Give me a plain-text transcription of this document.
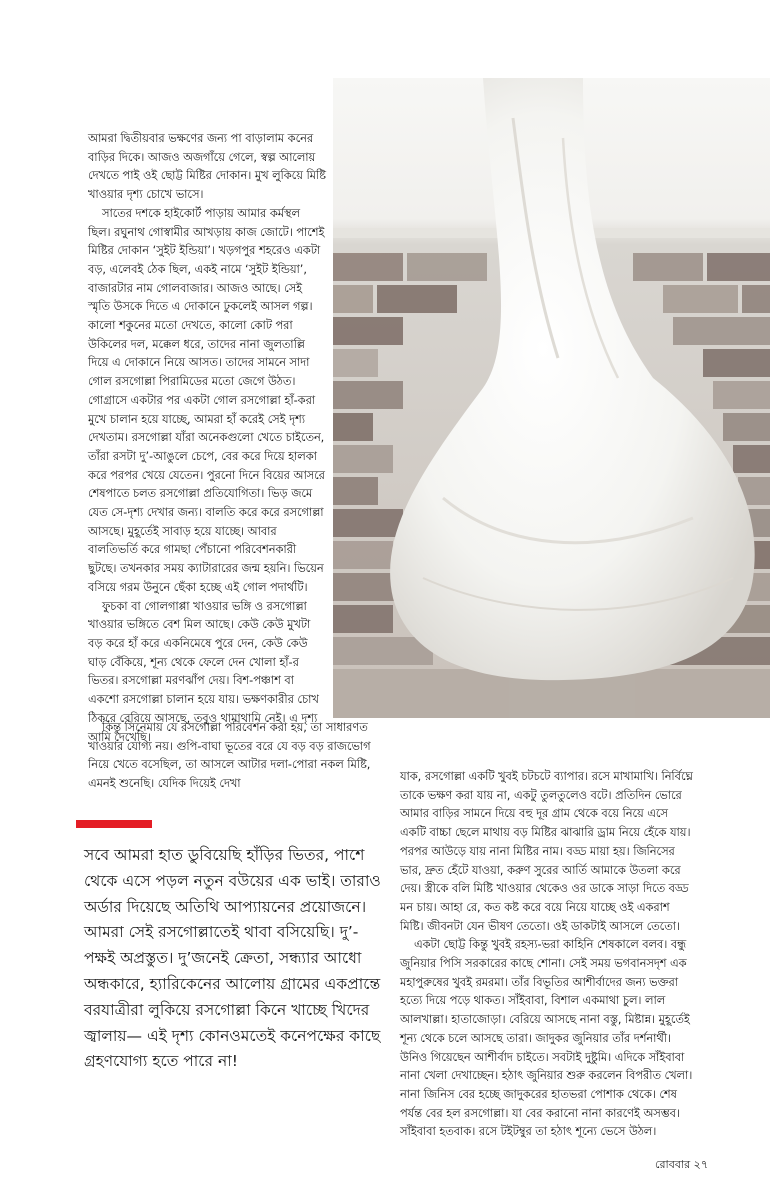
আমরা দ্বিতীয়বার ভক্ষণের জন্য পা বাড়ালাম কনের বাড়ির দিকে। আজও অজগাঁয়ে গেলে, স্বল্প আলোয় দেখতে পাই ওই ছোট্ট মিষ্টির দোকান। মুখ লুকিয়ে মিষ্টি খাওয়ার দৃশ্য চোখে ভাসে।

সাতের দশকে হাইকোর্ট পাড়ায় আমার কর্মস্থল ছিল। রঘুনাথ গোস্বামীর আখড়ায় কাজ জোটে। পাশেই মিষ্টির দোকান ‘সুইট ইন্ডিয়া’। খড়গপুর শহরেও একটা বড়, এলেবই ঠেক ছিল, একই নামে ‘সুইট ইন্ডিয়া’, বাজারটার নাম গোলবাজার। আজও আছে। সেই স্মৃতি উসকে দিতে এ দোকানে ঢুকলেই আসল গল্প। কালো শকুনের মতো দেখতে, কালো কোট পরা উকিলের দল, মক্কেল ধরে, তাদের নানা জুলতাল্লি দিয়ে এ দোকানে নিয়ে আসত। তাদের সামনে সাদা গোল রসগোল্লা পিরামিডের মতো জেগে উঠত। গোগ্রাসে একটার পর একটা গোল রসগোল্লা হাঁ-করা মুখে চালান হয়ে যাচ্ছে, আমরা হাঁ করেই সেই দৃশ্য দেখতাম। রসগোল্লা যাঁরা অনেকগুলো খেতে চাইতেন, তাঁরা রসটা দু’-আঙুলে চেপে, বের করে দিয়ে হালকা করে পরপর খেয়ে যেতেন। পুরনো দিনে বিয়ের আসরে শেষপাতে চলত রসগোল্লা প্রতিযোগিতা। ভিড় জমে যেত সে-দৃশ্য দেখার জন্য। বালতি করে করে রসগোল্লা আসছে। মুহূর্তেই সাবাড় হয়ে যাচ্ছে। আবার বালতিভর্তি করে গামছা পেঁচানো পরিবেশনকারী ছুটছে। তখনকার সময় ক্যাটারারের জন্ম হয়নি। ভিয়েন বসিয়ে গরম উনুনে ছেঁকা হচ্ছে এই গোল পদার্থটি।

ফুচকা বা গোলগাপ্পা খাওয়ার ভঙ্গি ও রসগোল্লা খাওয়ার ভঙ্গিতে বেশ মিল আছে। কেউ কেউ মুখটা বড় করে হাঁ করে একনিমেষে পুরে দেন, কেউ কেউ ঘাড় বেঁকিয়ে, শূন্য থেকে ফেলে দেন খোলা হাঁ-র ভিতর। রসগোল্লা মরণঝাঁপ দেয়। বিশ-পঞ্চাশ বা একশো রসগোল্লা চালান হয়ে যায়। ভক্ষণকারীর চোখ ঠিকরে বেরিয়ে আসছে, তবুও থামাথামি নেই। এ দৃশ্য আমি দেখেছি।

কিন্তু সিনেমায় যে রসগোল্লা পরিবেশন করা হয়, তা সাধারণত খাওয়ার যোগ্য নয়। গুপি-বাঘা ভূতের বরে যে বড় বড় রাজভোগ নিয়ে খেতে বসেছিল, তা আসলে আটার দলা-পোরা নকল মিষ্টি, এমনই শুনেছি। যেদিক দিয়েই দেখা

সবে আমরা হাত ডুবিয়েছি হাঁড়ির ভিতর, পাশে থেকে এসে পড়ল নতুন বউয়ের এক ভাই। তারাও অর্ডার দিয়েছে অতিথি আপ্যায়নের প্রয়োজনে। আমরা সেই রসগোল্লাতেই থাবা বসিয়েছি। দু’-পক্ষই অপ্রস্তুত। দু’জনেই ক্রেতা, সন্ধ্যার আধো অন্ধকারে, হ্যারিকেনের আলোয় গ্রামের একপ্রান্তে বরযাত্রীরা লুকিয়ে রসগোল্লা কিনে খাচ্ছে খিদের জ্বালায়— এই দৃশ্য কোনওমতেই কনেপক্ষের কাছে গ্রহণযোগ্য হতে পারে না!

যাক, রসগোল্লা একটি খুবই চটচটে ব্যাপার। রসে মাখামাখি। নির্বিঘ্নে তাকে ভক্ষণ করা যায় না, একটু তুলতুলেও বটে। প্রতিদিন ভোরে আমার বাড়ির সামনে দিয়ে বহু দূর গ্রাম থেকে বয়ে নিয়ে এসে একটি বাচ্চা ছেলে মাথায় বড় মিষ্টির ঝাঝারি ড্রাম নিয়ে হেঁকে যায়। পরপর আউড়ে যায় নানা মিষ্টির নাম। বড্ড মায়া হয়। জিনিসের ভার, দ্রুত হেঁটে যাওয়া, করুণ সুরের আর্তি আমাকে উতলা করে দেয়। স্ত্রীকে বলি মিষ্টি খাওয়ার থেকেও ওর ডাকে সাড়া দিতে বড্ড মন চায়। আহা রে, কত কষ্ট করে বয়ে নিয়ে যাচ্ছে ওই একরাশ মিষ্টি। জীবনটা যেন ভীষণ তেতো। ওই ডাকটাই আসলে তেতো।

একটা ছোট্ট কিন্তু খুবই রহস্য-ভরা কাহিনি শেষকালে বলব। বন্ধু জুনিয়ার পিসি সরকারের কাছে শোনা। সেই সময় ভগবানসদৃশ এক মহাপুরুষের খুবই রমরমা। তাঁর বিভূতির আশীর্বাদের জন্য ভক্তরা হত্যে দিয়ে পড়ে থাকত। সাঁইবাবা, বিশাল একমাথা চুল। লাল আলখাল্লা। হাতাজোড়া। বেরিয়ে আসছে নানা বস্তু, মিষ্টান্ন। মুহূর্তেই শূন্য থেকে চলে আসছে তারা। জাদুকর জুনিয়ার তাঁর দর্শনার্থী। উনিও গিয়েছেন আশীর্বাদ চাইতে। সবটাই দুষ্টুমি। এদিকে সাঁইবাবা নানা খেলা দেখাচ্ছেন। হঠাৎ জুনিয়ার শুরু করলেন বিপরীত খেলা। নানা জিনিস বের হচ্ছে জাদুকরের হাতভরা পোশাক থেকে। শেষ পর্যন্ত বের হল রসগোল্লা। যা বের করানো নানা কারণেই অসম্ভব। সাঁইবাবা হতবাক। রসে টইটম্বুর তা হঠাৎ শূন্যে ভেসে উঠল।

রোববার ২৭
